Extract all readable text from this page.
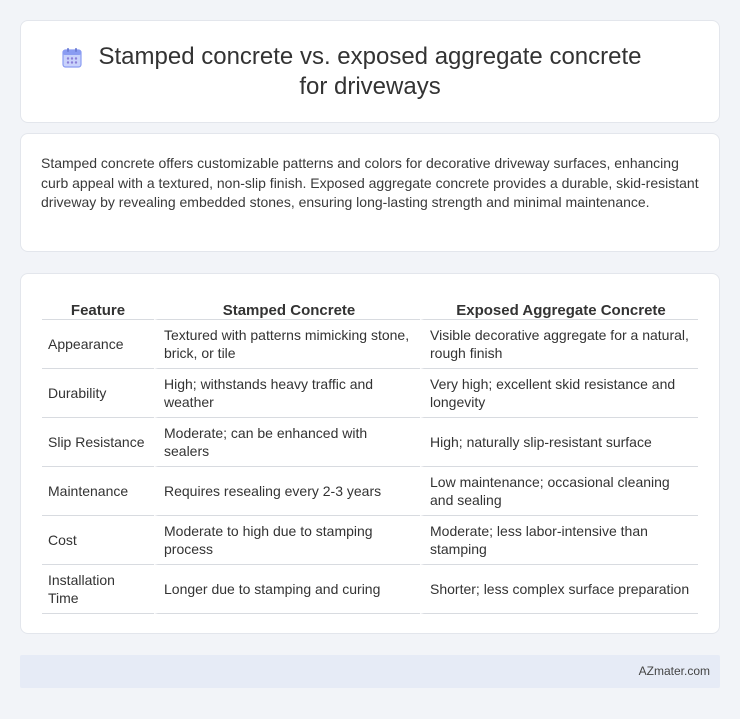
Stamped concrete vs. exposed aggregate concrete for driveways

Stamped concrete offers customizable patterns and colors for decorative driveway surfaces, enhancing curb appeal with a textured, non-slip finish. Exposed aggregate concrete provides a durable, skid-resistant driveway by revealing embedded stones, ensuring long-lasting strength and minimal maintenance.

Feature	Stamped Concrete	Exposed Aggregate Concrete
Appearance	Textured with patterns mimicking stone, brick, or tile	Visible decorative aggregate for a natural, rough finish
Durability	High; withstands heavy traffic and weather	Very high; excellent skid resistance and longevity
Slip Resistance	Moderate; can be enhanced with sealers	High; naturally slip-resistant surface
Maintenance	Requires resealing every 2-3 years	Low maintenance; occasional cleaning and sealing
Cost	Moderate to high due to stamping process	Moderate; less labor-intensive than stamping
Installation Time	Longer due to stamping and curing	Shorter; less complex surface preparation
AZmater.com
